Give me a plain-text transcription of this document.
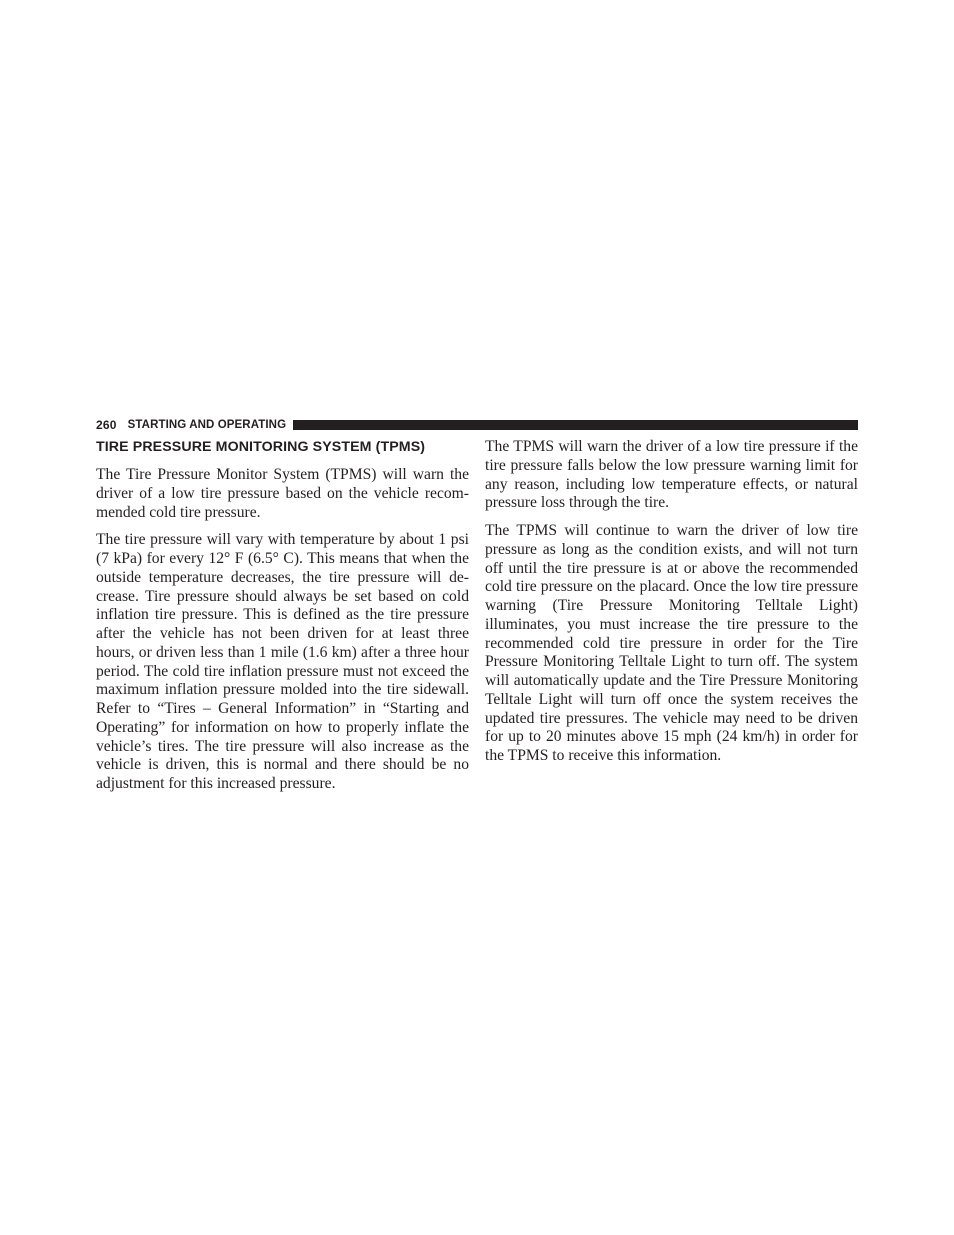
260 STARTING AND OPERATING
TIRE PRESSURE MONITORING SYSTEM (TPMS)

The Tire Pressure Monitor System (TPMS) will warn the driver of a low tire pressure based on the vehicle recommended cold tire pressure.

The tire pressure will vary with temperature by about 1 psi (7 kPa) for every 12° F (6.5° C). This means that when the outside temperature decreases, the tire pressure will decrease. Tire pressure should always be set based on cold inflation tire pressure. This is defined as the tire pressure after the vehicle has not been driven for at least three hours, or driven less than 1 mile (1.6 km) after a three hour period. The cold tire inflation pressure must not exceed the maximum inflation pressure molded into the tire sidewall. Refer to “Tires – General Information” in “Starting and Operating” for information on how to properly inflate the vehicle’s tires. The tire pressure will also increase as the vehicle is driven, this is normal and there should be no adjustment for this increased pressure.

The TPMS will warn the driver of a low tire pressure if the tire pressure falls below the low pressure warning limit for any reason, including low temperature effects, or natural pressure loss through the tire.

The TPMS will continue to warn the driver of low tire pressure as long as the condition exists, and will not turn off until the tire pressure is at or above the recommended cold tire pressure on the placard. Once the low tire pressure warning (Tire Pressure Monitoring Telltale Light) illuminates, you must increase the tire pressure to the recommended cold tire pressure in order for the Tire Pressure Monitoring Telltale Light to turn off. The system will automatically update and the Tire Pressure Monitoring Telltale Light will turn off once the system receives the updated tire pressures. The vehicle may need to be driven for up to 20 minutes above 15 mph (24 km/h) in order for the TPMS to receive this information.
